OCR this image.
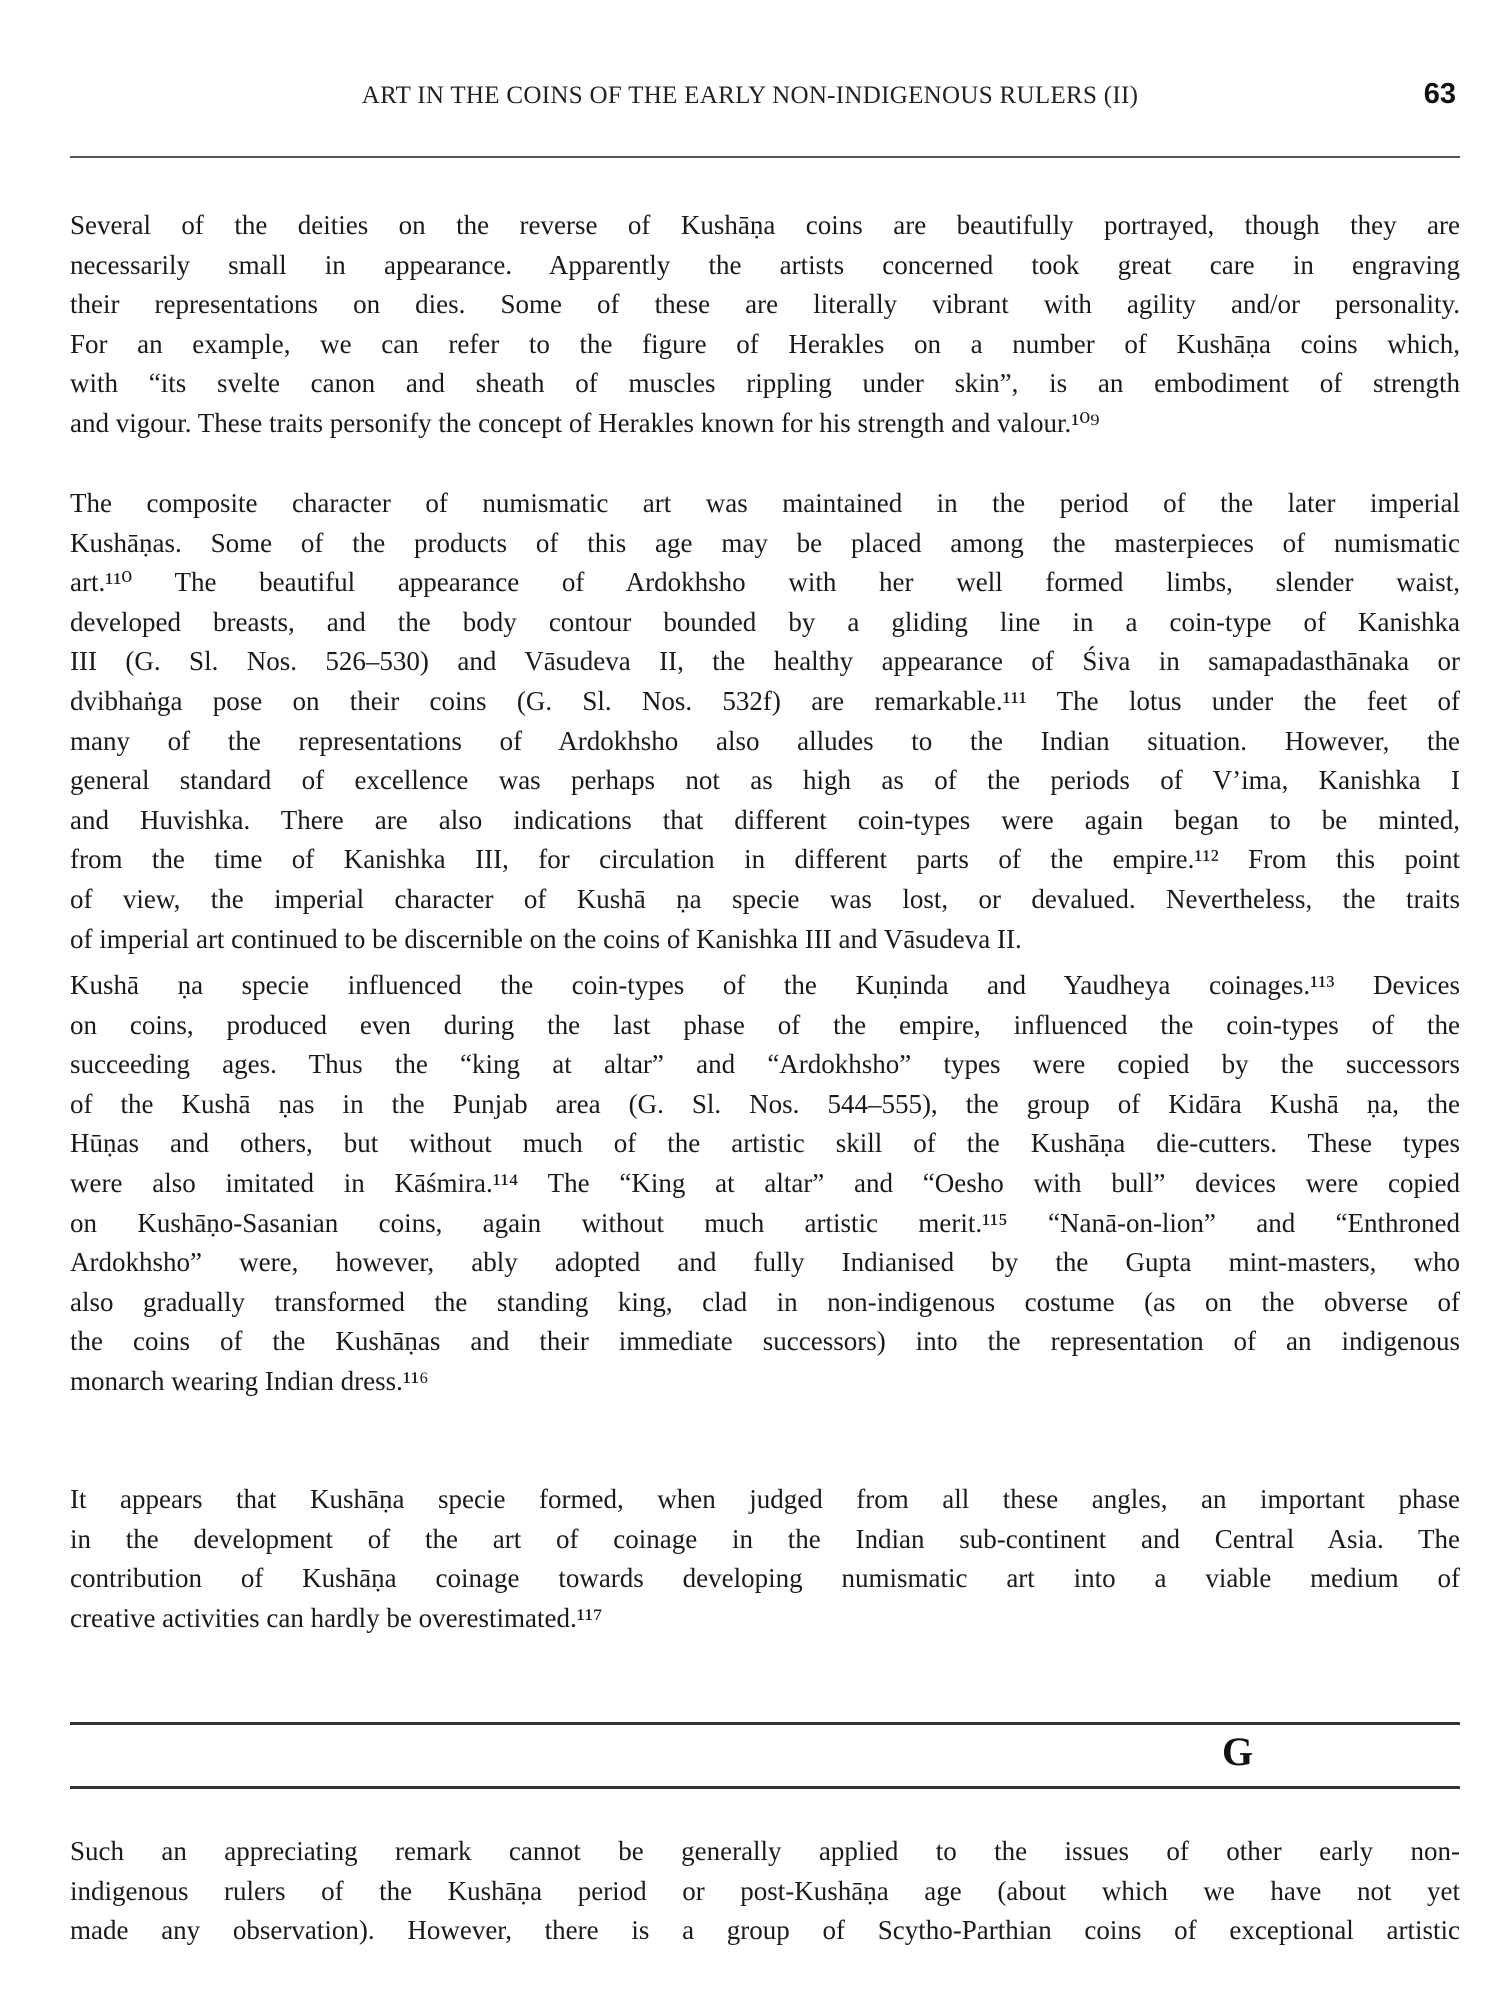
ART IN THE COINS OF THE EARLY NON-INDIGENOUS RULERS (II)	63
Several of the deities on the reverse of Kushāṇa coins are beautifully portrayed, though they are
necessarily small in appearance. Apparently the artists concerned took great care in engraving
their representations on dies. Some of these are literally vibrant with agility and/or personality.
For an example, we can refer to the figure of Herakles on a number of Kushāṇa coins which,
with “its svelte canon and sheath of muscles rippling under skin”, is an embodiment of strength
and vigour. These traits personify the concept of Herakles known for his strength and valour.¹⁰⁹
The composite character of numismatic art was maintained in the period of the later imperial
Kushāṇas. Some of the products of this age may be placed among the masterpieces of numismatic
art.¹¹⁰ The beautiful appearance of Ardokhsho with her well formed limbs, slender waist,
developed breasts, and the body contour bounded by a gliding line in a coin-type of Kanishka
III (G. Sl. Nos. 526–530) and Vāsudeva II, the healthy appearance of Śiva in samapadasthānaka or
dvibhaṅga pose on their coins (G. Sl. Nos. 532f) are remarkable.¹¹¹ The lotus under the feet of
many of the representations of Ardokhsho also alludes to the Indian situation. However, the
general standard of excellence was perhaps not as high as of the periods of V’ima, Kanishka I
and Huvishka. There are also indications that different coin-types were again began to be minted,
from the time of Kanishka III, for circulation in different parts of the empire.¹¹² From this point
of view, the imperial character of Kushā ṇa specie was lost, or devalued. Nevertheless, the traits
of imperial art continued to be discernible on the coins of Kanishka III and Vāsudeva II.
Kushā ṇa specie influenced the coin-types of the Kuṇinda and Yaudheya coinages.¹¹³ Devices
on coins, produced even during the last phase of the empire, influenced the coin-types of the
succeeding ages. Thus the “king at altar” and “Ardokhsho” types were copied by the successors
of the Kushā ṇas in the Punjab area (G. Sl. Nos. 544–555), the group of Kidāra Kushā ṇa, the
Hūṇas and others, but without much of the artistic skill of the Kushāṇa die-cutters. These types
were also imitated in Kāśmira.¹¹⁴ The “King at altar” and “Oesho with bull” devices were copied
on Kushāṇo-Sasanian coins, again without much artistic merit.¹¹⁵ “Nanā-on-lion” and “Enthroned
Ardokhsho” were, however, ably adopted and fully Indianised by the Gupta mint-masters, who
also gradually transformed the standing king, clad in non-indigenous costume (as on the obverse of
the coins of the Kushāṇas and their immediate successors) into the representation of an indigenous
monarch wearing Indian dress.¹¹⁶
It appears that Kushāṇa specie formed, when judged from all these angles, an important phase
in the development of the art of coinage in the Indian sub-continent and Central Asia. The
contribution of Kushāṇa coinage towards developing numismatic art into a viable medium of
creative activities can hardly be overestimated.¹¹⁷
G
Such an appreciating remark cannot be generally applied to the issues of other early non-
indigenous rulers of the Kushāṇa period or post-Kushāṇa age (about which we have not yet
made any observation). However, there is a group of Scytho-Parthian coins of exceptional artistic
